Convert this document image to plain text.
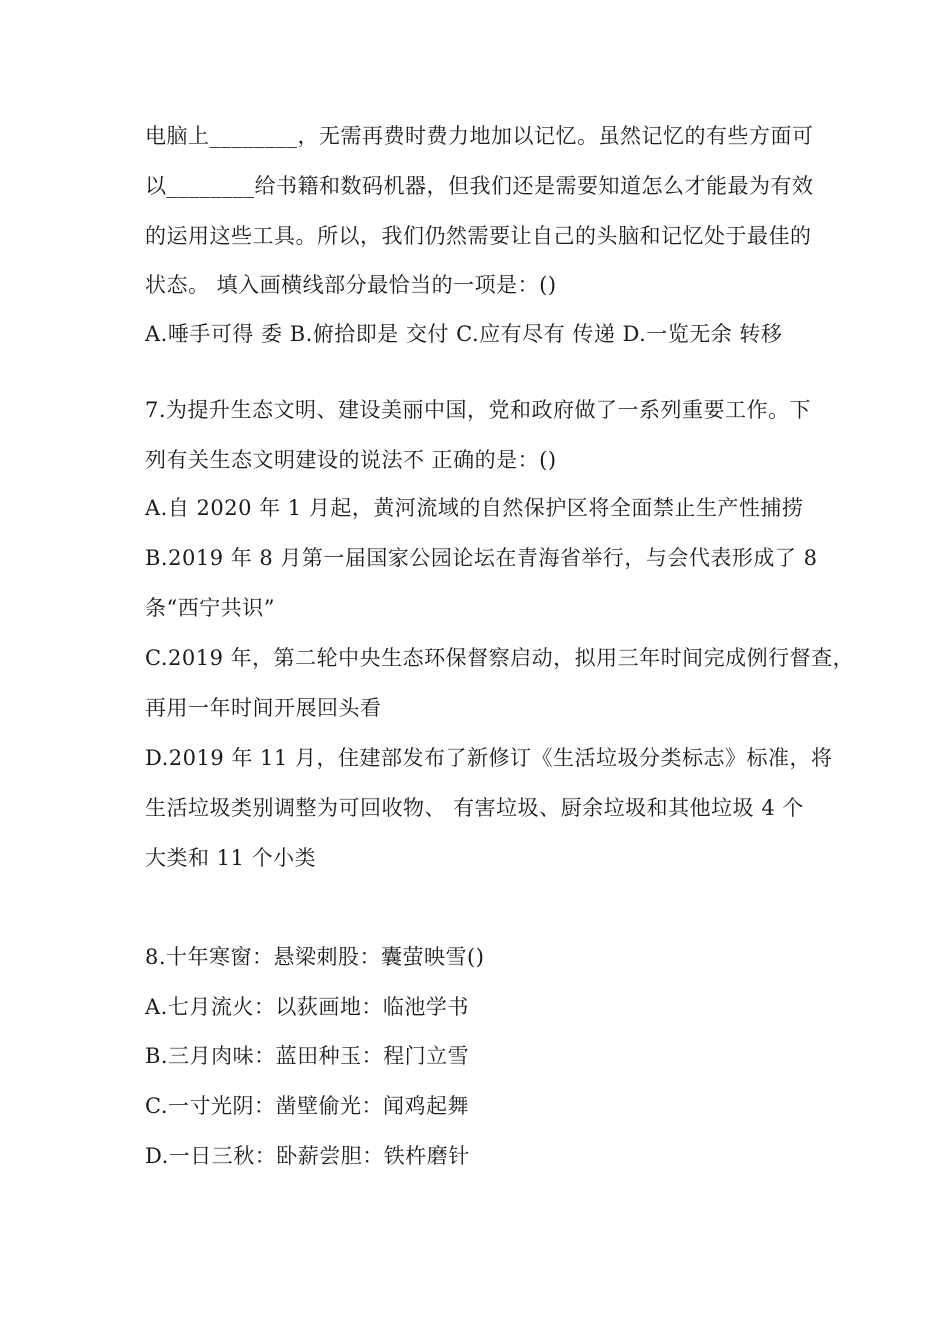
电脑上________，无需再费时费力地加以记忆。虽然记忆的有些方面可
以________给书籍和数码机器，但我们还是需要知道怎么才能最为有效
的运用这些工具。所以，我们仍然需要让自己的头脑和记忆处于最佳的
状态。 填入画横线部分最恰当的一项是：()
A.唾手可得 委 B.俯拾即是 交付 C.应有尽有 传递 D.一览无余 转移
7.为提升生态文明、建设美丽中国，党和政府做了一系列重要工作。下
列有关生态文明建设的说法不 正确的是：()
A.自 2020 年 1 月起，黄河流域的自然保护区将全面禁止生产性捕捞
B.2019 年 8 月第一届国家公园论坛在青海省举行，与会代表形成了 8
条“西宁共识”
C.2019 年，第二轮中央生态环保督察启动，拟用三年时间完成例行督查，
再用一年时间开展回头看
D.2019 年 11 月，住建部发布了新修订《生活垃圾分类标志》标准，将
生活垃圾类别调整为可回收物、 有害垃圾、厨余垃圾和其他垃圾 4 个
大类和 11 个小类
8.十年寒窗：悬梁刺股：囊萤映雪()
A.七月流火：以荻画地：临池学书
B.三月肉味：蓝田种玉：程门立雪
C.一寸光阴：凿壁偷光：闻鸡起舞
D.一日三秋：卧薪尝胆：铁杵磨针
